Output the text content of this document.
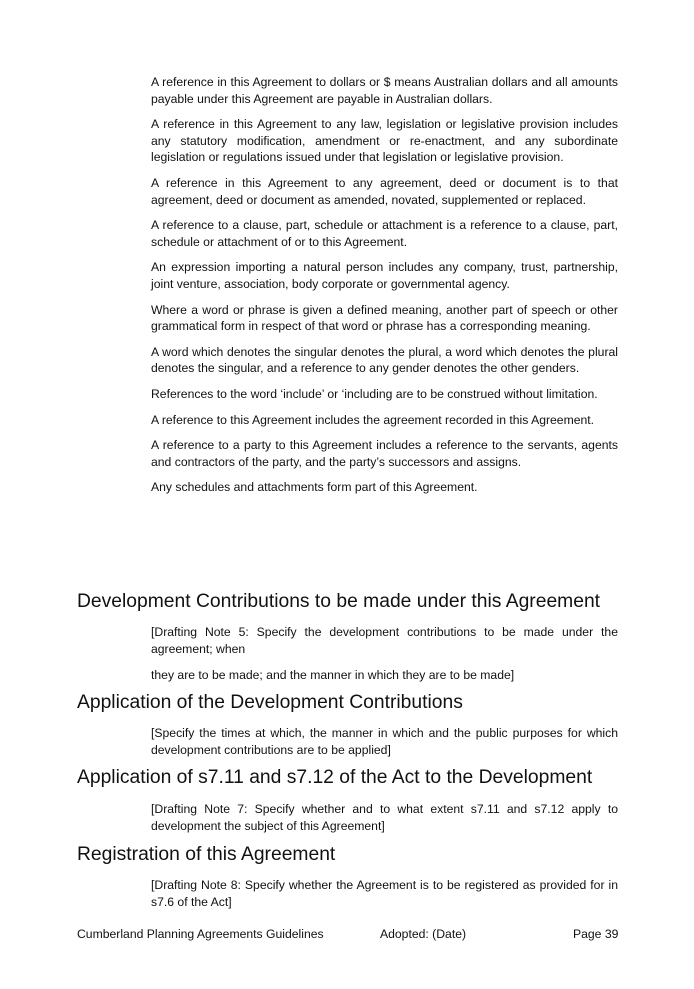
A reference in this Agreement to dollars or $ means Australian dollars and all amounts payable under this Agreement are payable in Australian dollars.

A reference in this Agreement to any law, legislation or legislative provision includes any statutory modification, amendment or re-enactment, and any subordinate legislation or regulations issued under that legislation or legislative provision.

A reference in this Agreement to any agreement, deed or document is to that agreement, deed or document as amended, novated, supplemented or replaced.

A reference to a clause, part, schedule or attachment is a reference to a clause, part, schedule or attachment of or to this Agreement.

An expression importing a natural person includes any company, trust, partnership, joint venture, association, body corporate or governmental agency.

Where a word or phrase is given a defined meaning, another part of speech or other grammatical form in respect of that word or phrase has a corresponding meaning.

A word which denotes the singular denotes the plural, a word which denotes the plural denotes the singular, and a reference to any gender denotes the other genders.

References to the word ‘include’ or ‘including are to be construed without limitation.

A reference to this Agreement includes the agreement recorded in this Agreement.

A reference to a party to this Agreement includes a reference to the servants, agents and contractors of the party, and the party’s successors and assigns.

Any schedules and attachments form part of this Agreement.

Development Contributions to be made under this Agreement

[Drafting Note 5: Specify the development contributions to be made under the agreement; when

they are to be made; and the manner in which they are to be made]

Application of the Development Contributions

[Specify the times at which, the manner in which and the public purposes for which development contributions are to be applied]

Application of s7.11 and s7.12 of the Act to the Development

[Drafting Note 7: Specify whether and to what extent s7.11 and s7.12 apply to development the subject of this Agreement]

Registration of this Agreement

[Drafting Note 8: Specify whether the Agreement is to be registered as provided for in s7.6 of the Act]

Cumberland Planning Agreements Guidelines	Adopted: (Date)	Page 39
